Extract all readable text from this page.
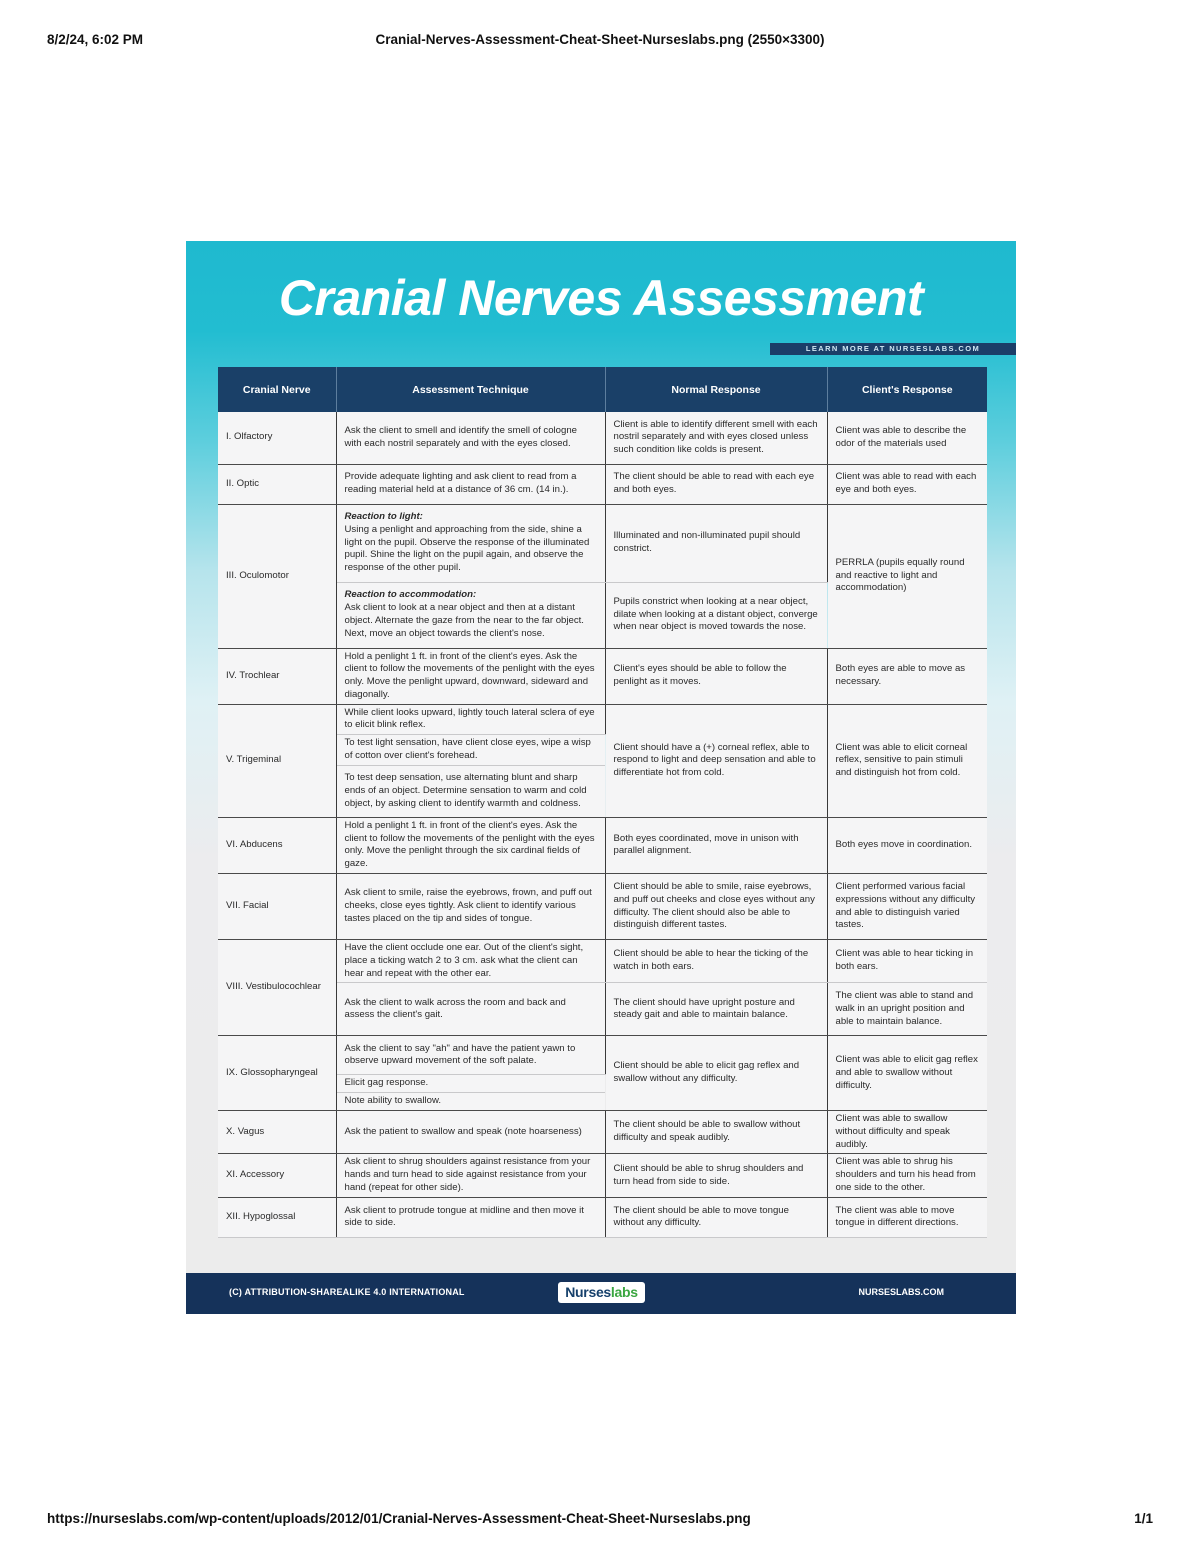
8/2/24, 6:02 PM	Cranial-Nerves-Assessment-Cheat-Sheet-Nurseslabs.png (2550×3300)
Cranial Nerves Assessment
LEARN MORE AT NURSESLABS.COM
Cranial Nerve	Assessment Technique	Normal Response	Client's Response
I. Olfactory	Ask the client to smell and identify the smell of cologne with each nostril separately and with the eyes closed.	Client is able to identify different smell with each nostril separately and with eyes closed unless such condition like colds is present.	Client was able to describe the odor of the materials used
II. Optic	Provide adequate lighting and ask client to read from a reading material held at a distance of 36 cm. (14 in.).	The client should be able to read with each eye and both eyes.	Client was able to read with each eye and both eyes.
III. Oculomotor	Reaction to light:
Using a penlight and approaching from the side, shine a light on the pupil. Observe the response of the illuminated pupil. Shine the light on the pupil again, and observe the response of the other pupil.	Illuminated and non-illuminated pupil should constrict.	PERRLA (pupils equally round and reactive to light and accommodation)

	Reaction to accommodation:
Ask client to look at a near object and then at a distant object. Alternate the gaze from the near to the far object. Next, move an object towards the client's nose.	Pupils constrict when looking at a near object, dilate when looking at a distant object, converge when near object is moved towards the nose.	
IV. Trochlear	Hold a penlight 1 ft. in front of the client's eyes. Ask the client to follow the movements of the penlight with the eyes only. Move the penlight upward, downward, sideward and diagonally.	Client's eyes should be able to follow the penlight as it moves.	Both eyes are able to move as necessary.
V. Trigeminal	While client looks upward, lightly touch lateral sclera of eye to elicit blink reflex.	Client should have a (+) corneal reflex, able to respond to light and deep sensation and able to differentiate hot from cold.	Client was able to elicit corneal reflex, sensitive to pain stimuli and distinguish hot from cold.
	To test light sensation, have client close eyes, wipe a wisp of cotton over client's forehead.		
	To test deep sensation, use alternating blunt and sharp ends of an object. Determine sensation to warm and cold object, by asking client to identify warmth and coldness.		
VI. Abducens	Hold a penlight 1 ft. in front of the client's eyes. Ask the client to follow the movements of the penlight with the eyes only. Move the penlight through the six cardinal fields of gaze.	Both eyes coordinated, move in unison with parallel alignment.	Both eyes move in coordination.
VII. Facial	Ask client to smile, raise the eyebrows, frown, and puff out cheeks, close eyes tightly. Ask client to identify various tastes placed on the tip and sides of tongue.	Client should be able to smile, raise eyebrows, and puff out cheeks and close eyes without any difficulty. The client should also be able to distinguish different tastes.	Client performed various facial expressions without any difficulty and able to distinguish varied tastes.
VIII. Vestibulocochlear	Have the client occlude one ear. Out of the client's sight, place a ticking watch 2 to 3 cm. ask what the client can hear and repeat with the other ear.	Client should be able to hear the ticking of the watch in both ears.	Client was able to hear ticking in both ears.
	Ask the client to walk across the room and back and assess the client's gait.	The client should have upright posture and steady gait and able to maintain balance.	The client was able to stand and walk in an upright position and able to maintain balance.
IX. Glossopharyngeal	Ask the client to say "ah" and have the patient yawn to observe upward movement of the soft palate.	Client should be able to elicit gag reflex and swallow without any difficulty.	Client was able to elicit gag reflex and able to swallow without difficulty.
	Elicit gag response.		
	Note ability to swallow.		
X. Vagus	Ask the patient to swallow and speak (note hoarseness)	The client should be able to swallow without difficulty and speak audibly.	Client was able to swallow without difficulty and speak audibly.
XI. Accessory	Ask client to shrug shoulders against resistance from your hands and turn head to side against resistance from your hand (repeat for other side).	Client should be able to shrug shoulders and turn head from side to side.	Client was able to shrug his shoulders and turn his head from one side to the other.
XII. Hypoglossal	Ask client to protrude tongue at midline and then move it side to side.	The client should be able to move tongue without any difficulty.	The client was able to move tongue in different directions.
(C) ATTRIBUTION-SHAREALIKE 4.0 INTERNATIONAL	Nurseslabs	NURSESLABS.COM
https://nurseslabs.com/wp-content/uploads/2012/01/Cranial-Nerves-Assessment-Cheat-Sheet-Nurseslabs.png	1/1
